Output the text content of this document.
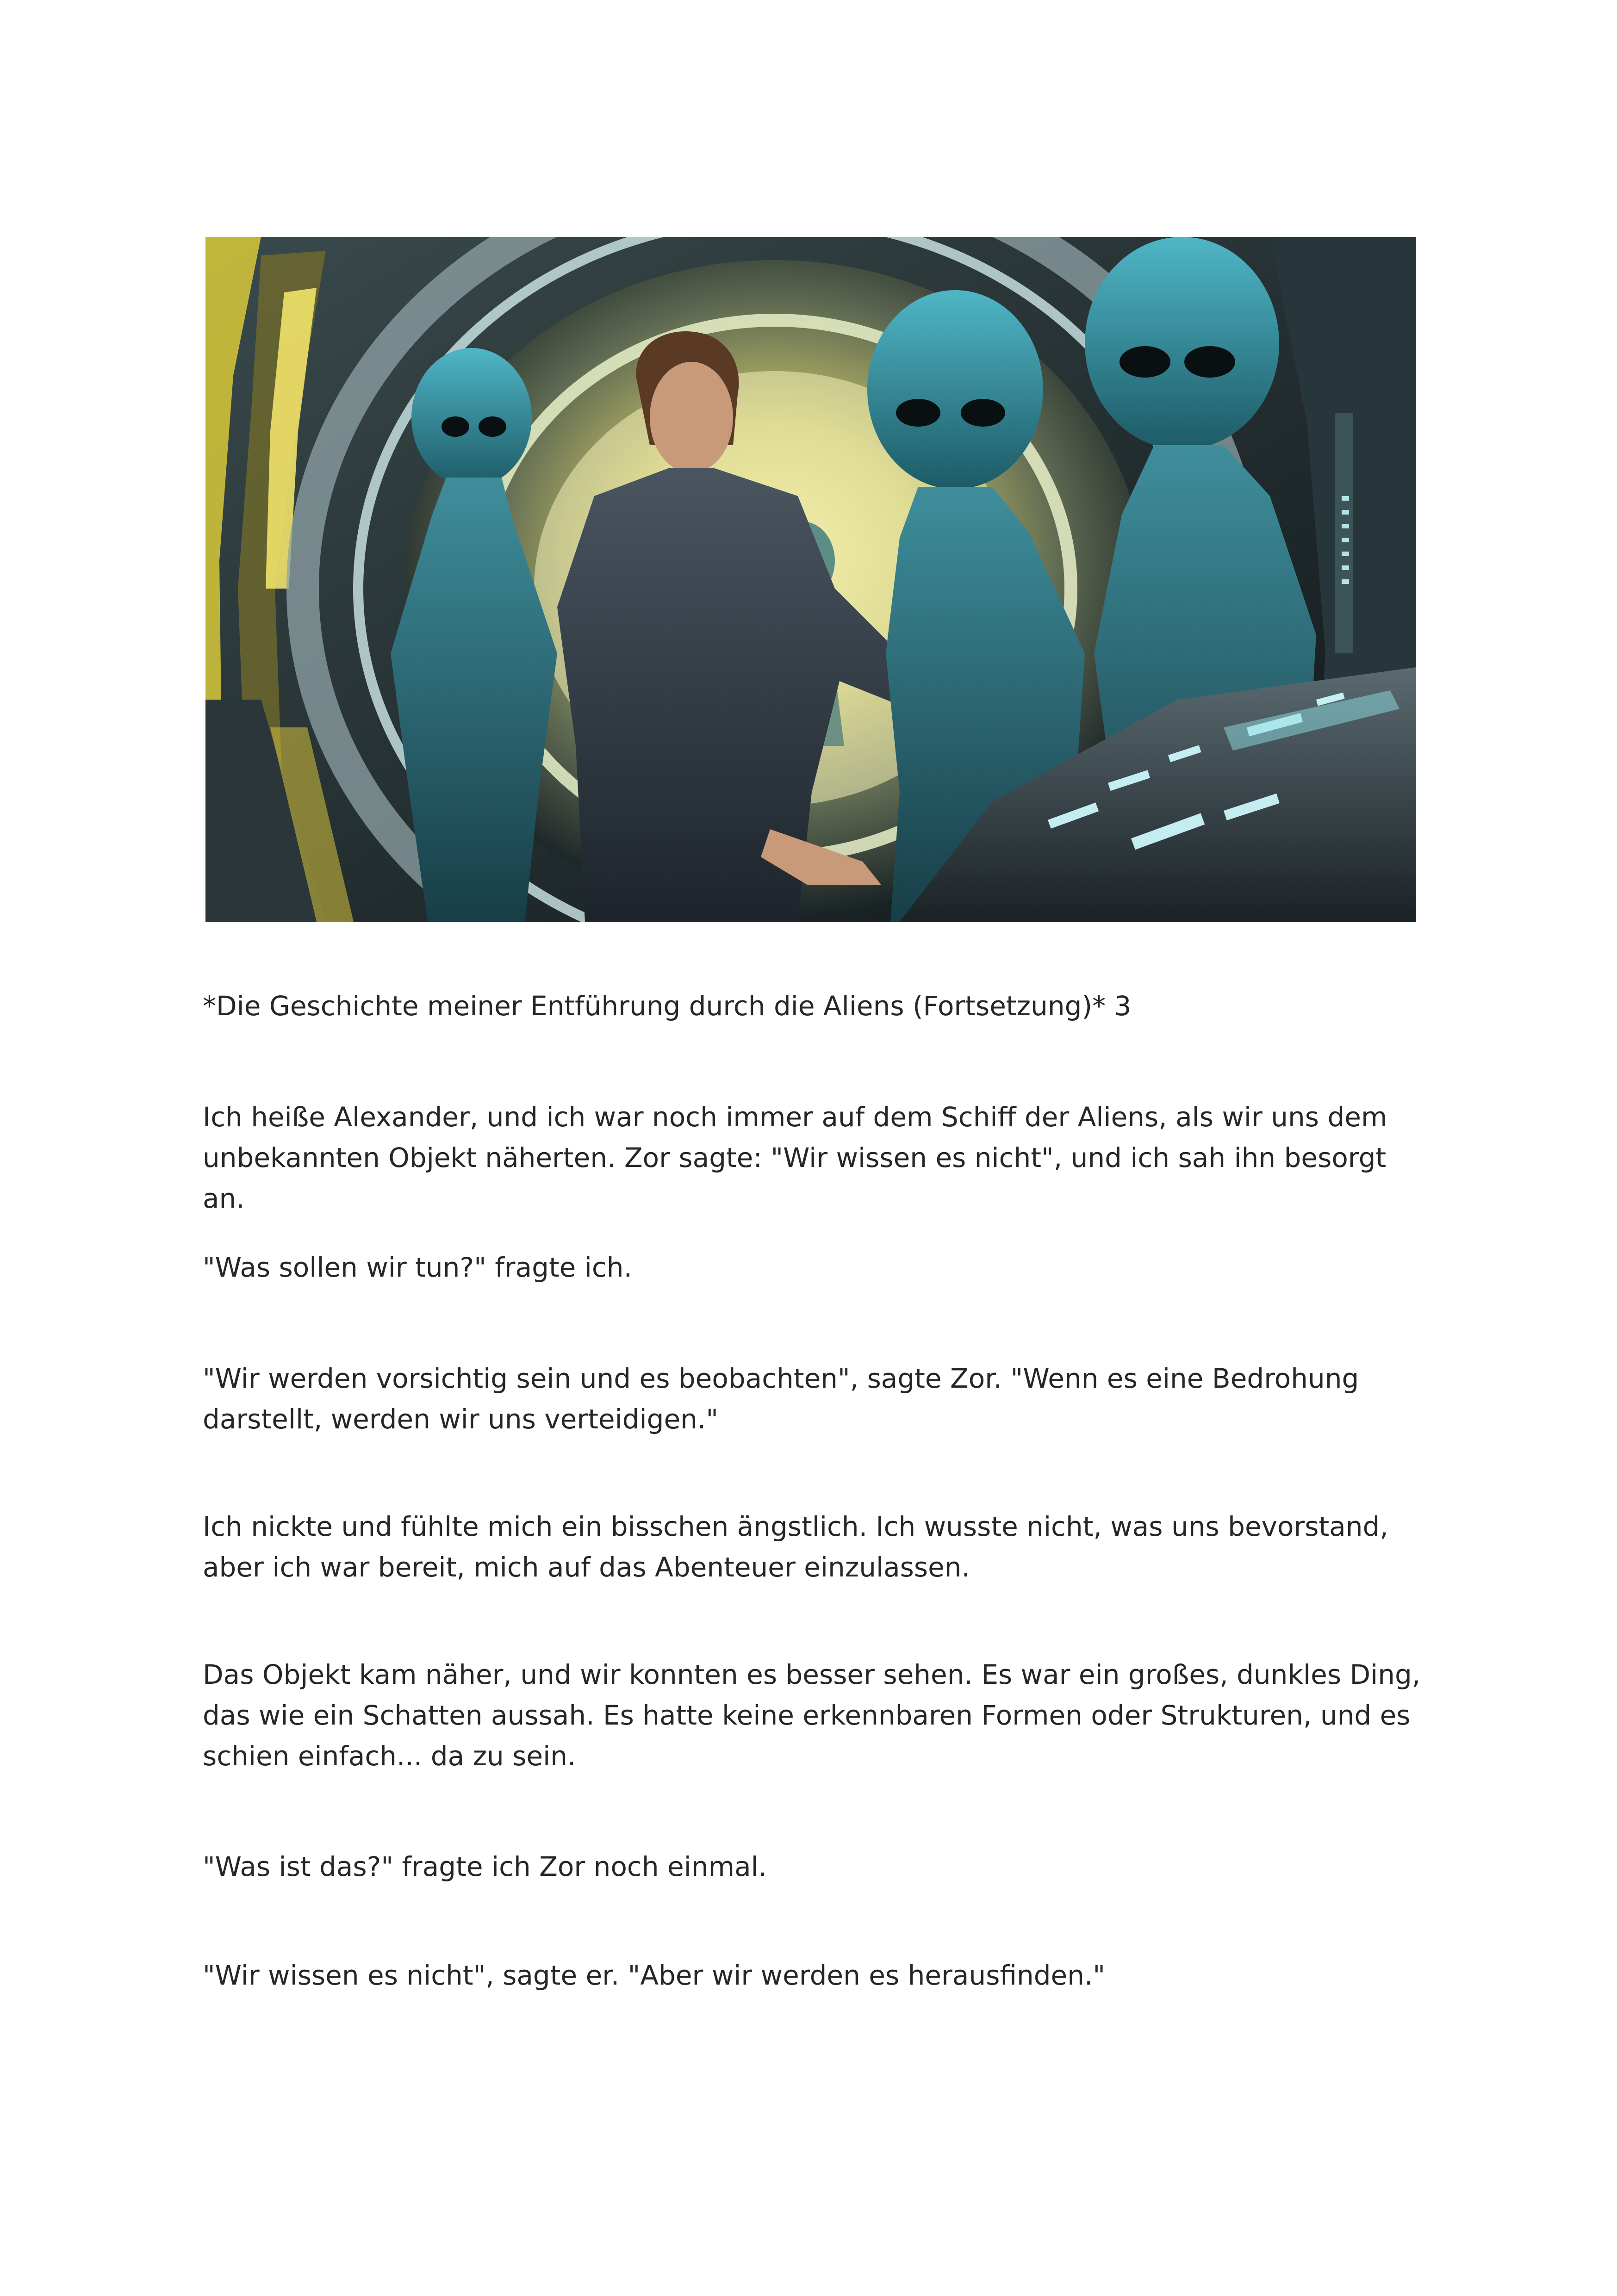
*Die Geschichte meiner Entführung durch die Aliens (Fortsetzung)* 3

Ich heiße Alexander, und ich war noch immer auf dem Schiff der Aliens, als wir uns dem unbekannten Objekt näherten. Zor sagte: "Wir wissen es nicht", und ich sah ihn besorgt an.

"Was sollen wir tun?" fragte ich.

"Wir werden vorsichtig sein und es beobachten", sagte Zor. "Wenn es eine Bedrohung darstellt, werden wir uns verteidigen."

Ich nickte und fühlte mich ein bisschen ängstlich. Ich wusste nicht, was uns bevorstand, aber ich war bereit, mich auf das Abenteuer einzulassen.

Das Objekt kam näher, und wir konnten es besser sehen. Es war ein großes, dunkles Ding, das wie ein Schatten aussah. Es hatte keine erkennbaren Formen oder Strukturen, und es schien einfach... da zu sein.

"Was ist das?" fragte ich Zor noch einmal.

"Wir wissen es nicht", sagte er. "Aber wir werden es herausfinden."
